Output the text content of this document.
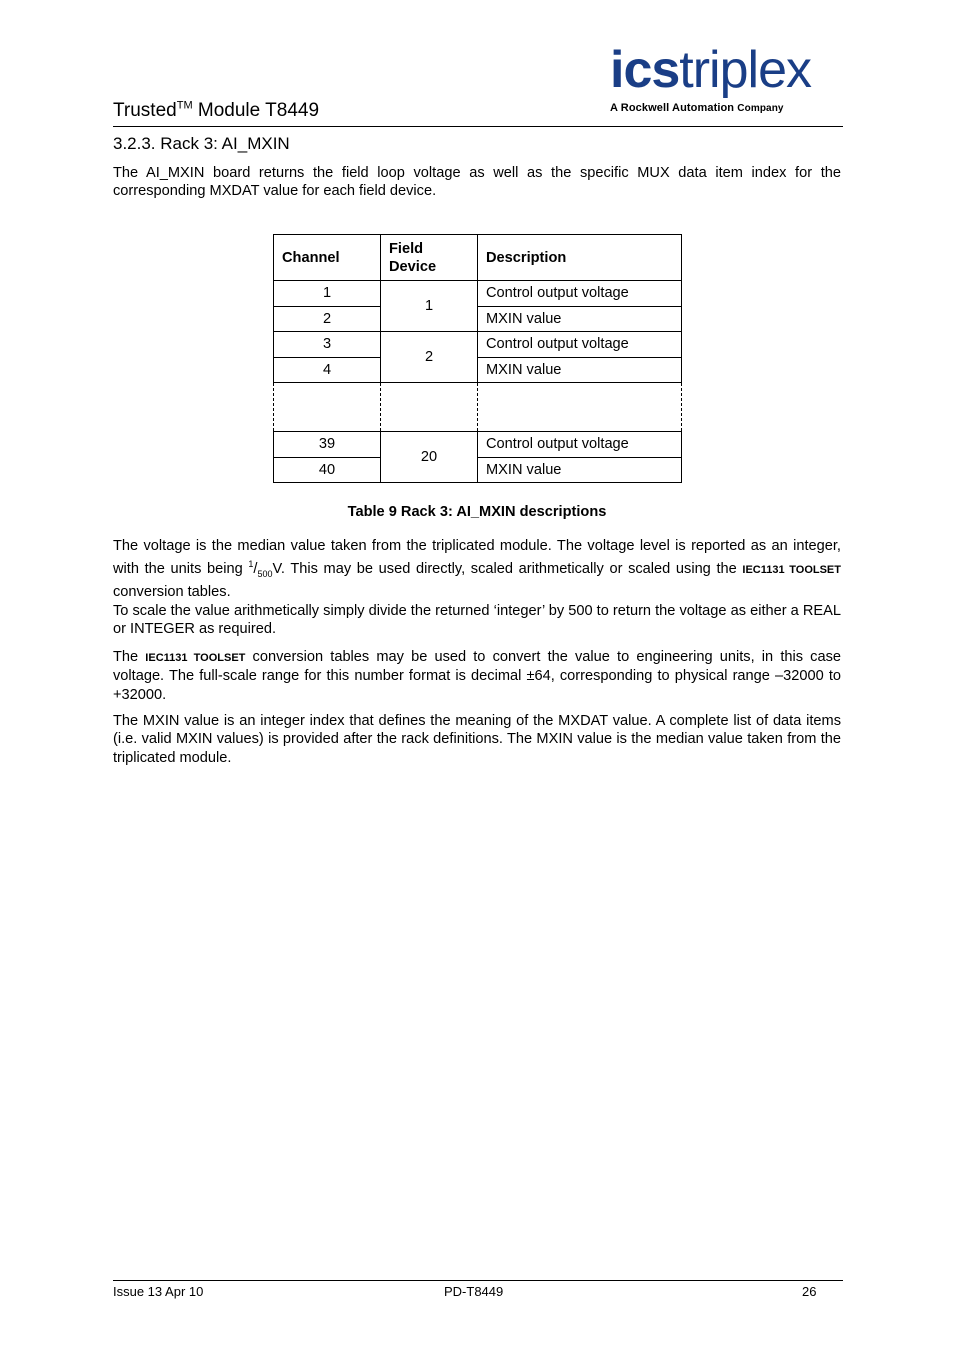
Trusted™ Module T8449
icstriplex
A Rockwell Automation Company
3.2.3. Rack 3: AI_MXIN
The AI_MXIN board returns the field loop voltage as well as the specific MUX data item index for the corresponding MXDAT value for each field device.
Channel	Field Device	Description
1	1	Control output voltage
2		MXIN value
3	2	Control output voltage
4		MXIN value

39	20	Control output voltage
40		MXIN value
Table 9 Rack 3: AI_MXIN descriptions
The voltage is the median value taken from the triplicated module. The voltage level is reported as an integer, with the units being $^1/_{500}V$. This may be used directly, scaled arithmetically or scaled using the IEC1131 TOOLSET conversion tables.
To scale the value arithmetically simply divide the returned ‘integer’ by 500 to return the voltage as either a REAL or INTEGER as required.
The IEC1131 TOOLSET conversion tables may be used to convert the value to engineering units, in this case voltage. The full-scale range for this number format is decimal ±64, corresponding to physical range –32000 to +32000.
The MXIN value is an integer index that defines the meaning of the MXDAT value. A complete list of data items (i.e. valid MXIN values) is provided after the rack definitions. The MXIN value is the median value taken from the triplicated module.
Issue 13 Apr 10	PD-T8449	26
